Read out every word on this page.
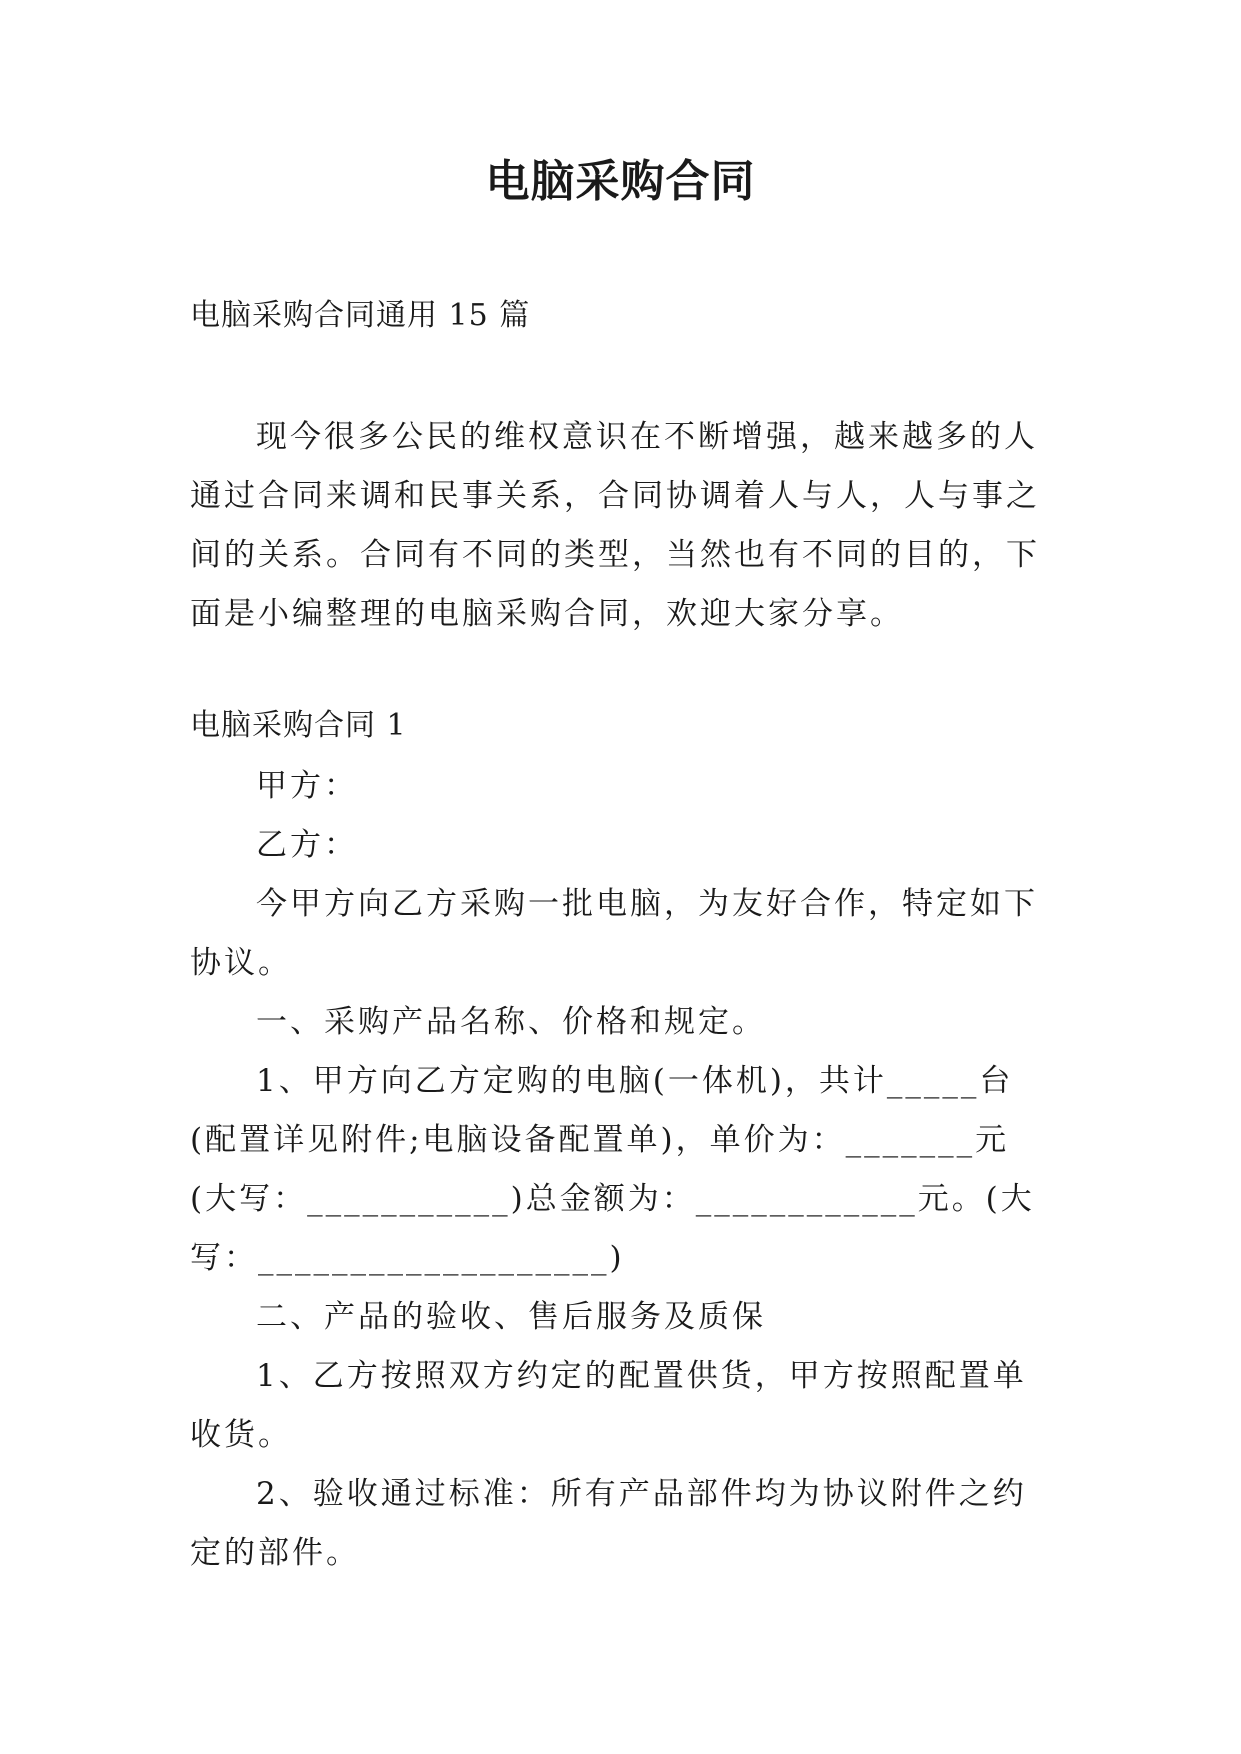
电脑采购合同
电脑采购合同通用 15 篇
现今很多公民的维权意识在不断增强，越来越多的人通过合同来调和民事关系，合同协调着人与人，人与事之间的关系。合同有不同的类型，当然也有不同的目的，下面是小编整理的电脑采购合同，欢迎大家分享。
电脑采购合同 1

甲方：

乙方：

今甲方向乙方采购一批电脑，为友好合作，特定如下协议。

一、采购产品名称、价格和规定。

1、甲方向乙方定购的电脑(一体机)，共计_____台(配置详见附件;电脑设备配置单)，单价为：_______元(大写：___________)总金额为：____________元。(大写：___________________)

二、产品的验收、售后服务及质保

1、乙方按照双方约定的配置供货，甲方按照配置单收货。

2、验收通过标准：所有产品部件均为协议附件之约定的部件。
